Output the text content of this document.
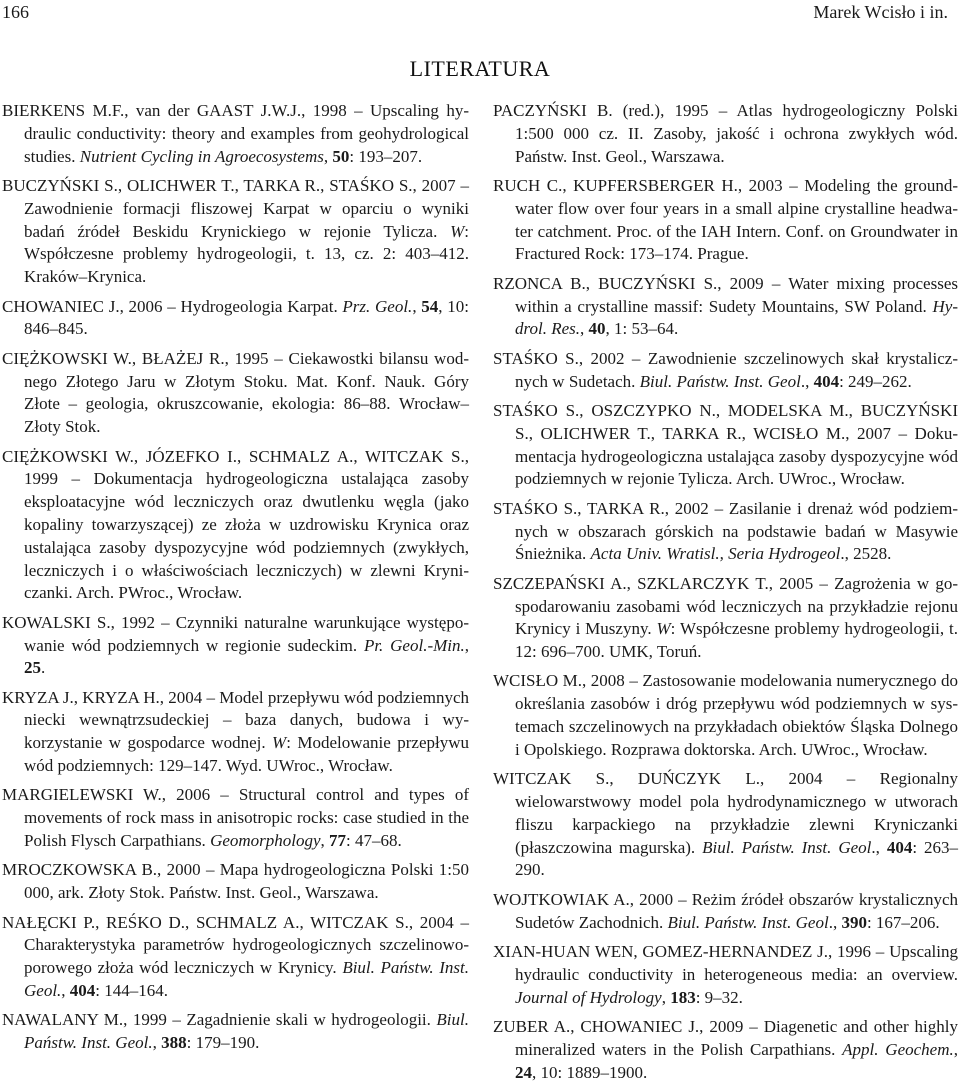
166	Marek Wcisło i in.
LITERATURA

BIERKENS M.F., van der GAAST J.W.J., 1998 – Upscaling hydraulic conductivity: theory and examples from geohydrological studies. Nutrient Cycling in Agroecosystems, 50: 193–207.

BUCZYŃSKI S., OLICHWER T., TARKA R., STAŚKO S., 2007 – Zawodnienie formacji fliszowej Karpat w oparciu o wyniki badań źródeł Beskidu Krynickiego w rejonie Tylicza. W: Współczesne problemy hydrogeologii, t. 13, cz. 2: 403–412. Kraków–Krynica.

CHOWANIEC J., 2006 – Hydrogeologia Karpat. Prz. Geol., 54, 10: 846–845.

CIĘŻKOWSKI W., BŁAŻEJ R., 1995 – Ciekawostki bilansu wodnego Złotego Jaru w Złotym Stoku. Mat. Konf. Nauk. Góry Złote – geologia, okruszcowanie, ekologia: 86–88. Wrocław–Złoty Stok.

CIĘŻKOWSKI W., JÓZEFKO I., SCHMALZ A., WITCZAK S., 1999 – Dokumentacja hydrogeologiczna ustalająca zasoby eksploatacyjne wód leczniczych oraz dwutlenku węgla (jako kopaliny towarzyszącej) ze złoża w uzdrowisku Krynica oraz ustalająca zasoby dyspozycyjne wód podziemnych (zwykłych, leczniczych i o właściwościach leczniczych) w zlewni Kryniczanki. Arch. PWroc., Wrocław.

KOWALSKI S., 1992 – Czynniki naturalne warunkujące występowanie wód podziemnych w regionie sudeckim. Pr. Geol.-Min., 25.

KRYZA J., KRYZA H., 2004 – Model przepływu wód podziemnych niecki wewnątrzsudeckiej – baza danych, budowa i wykorzystanie w gospodarce wodnej. W: Modelowanie przepływu wód podziemnych: 129–147. Wyd. UWroc., Wrocław.

MARGIELEWSKI W., 2006 – Structural control and types of movements of rock mass in anisotropic rocks: case studied in the Polish Flysch Carpathians. Geomorphology, 77: 47–68.

MROCZKOWSKA B., 2000 – Mapa hydrogeologiczna Polski 1:50 000, ark. Złoty Stok. Państw. Inst. Geol., Warszawa.

NAŁĘCKI P., REŚKO D., SCHMALZ A., WITCZAK S., 2004 – Charakterystyka parametrów hydrogeologicznych szczelinowo-porowego złoża wód leczniczych w Krynicy. Biul. Państw. Inst. Geol., 404: 144–164.

NAWALANY M., 1999 – Zagadnienie skali w hydrogeologii. Biul. Państw. Inst. Geol., 388: 179–190.

PACZYŃSKI B. (red.), 1995 – Atlas hydrogeologiczny Polski 1:500 000 cz. II. Zasoby, jakość i ochrona zwykłych wód. Państw. Inst. Geol., Warszawa.

RUCH C., KUPFERSBERGER H., 2003 – Modeling the groundwater flow over four years in a small alpine crystalline headwater catchment. Proc. of the IAH Intern. Conf. on Groundwater in Fractured Rock: 173–174. Prague.

RZONCA B., BUCZYŃSKI S., 2009 – Water mixing processes within a crystalline massif: Sudety Mountains, SW Poland. Hydrol. Res., 40, 1: 53–64.

STAŚKO S., 2002 – Zawodnienie szczelinowych skał krystalicznych w Sudetach. Biul. Państw. Inst. Geol., 404: 249–262.

STAŚKO S., OSZCZYPKO N., MODELSKA M., BUCZYŃSKI S., OLICHWER T., TARKA R., WCISŁO M., 2007 – Dokumentacja hydrogeologiczna ustalająca zasoby dyspozycyjne wód podziemnych w rejonie Tylicza. Arch. UWroc., Wrocław.

STAŚKO S., TARKA R., 2002 – Zasilanie i drenaż wód podziemnych w obszarach górskich na podstawie badań w Masywie Śnieżnika. Acta Univ. Wratisl., Seria Hydrogeol., 2528.

SZCZEPAŃSKI A., SZKLARCZYK T., 2005 – Zagrożenia w gospodarowaniu zasobami wód leczniczych na przykładzie rejonu Krynicy i Muszyny. W: Współczesne problemy hydrogeologii, t. 12: 696–700. UMK, Toruń.

WCISŁO M., 2008 – Zastosowanie modelowania numerycznego do określania zasobów i dróg przepływu wód podziemnych w systemach szczelinowych na przykładach obiektów Śląska Dolnego i Opolskiego. Rozprawa doktorska. Arch. UWroc., Wrocław.

WITCZAK S., DUŃCZYK L., 2004 – Regionalny wielowarstwowy model pola hydrodynamicznego w utworach fliszu karpackiego na przykładzie zlewni Kryniczanki (płaszczowina magurska). Biul. Państw. Inst. Geol., 404: 263–290.

WOJTKOWIAK A., 2000 – Reżim źródeł obszarów krystalicznych Sudetów Zachodnich. Biul. Państw. Inst. Geol., 390: 167–206.

XIAN-HUAN WEN, GOMEZ-HERNANDEZ J., 1996 – Upscaling hydraulic conductivity in heterogeneous media: an overview. Journal of Hydrology, 183: 9–32.

ZUBER A., CHOWANIEC J., 2009 – Diagenetic and other highly mineralized waters in the Polish Carpathians. Appl. Geochem., 24, 10: 1889–1900.
